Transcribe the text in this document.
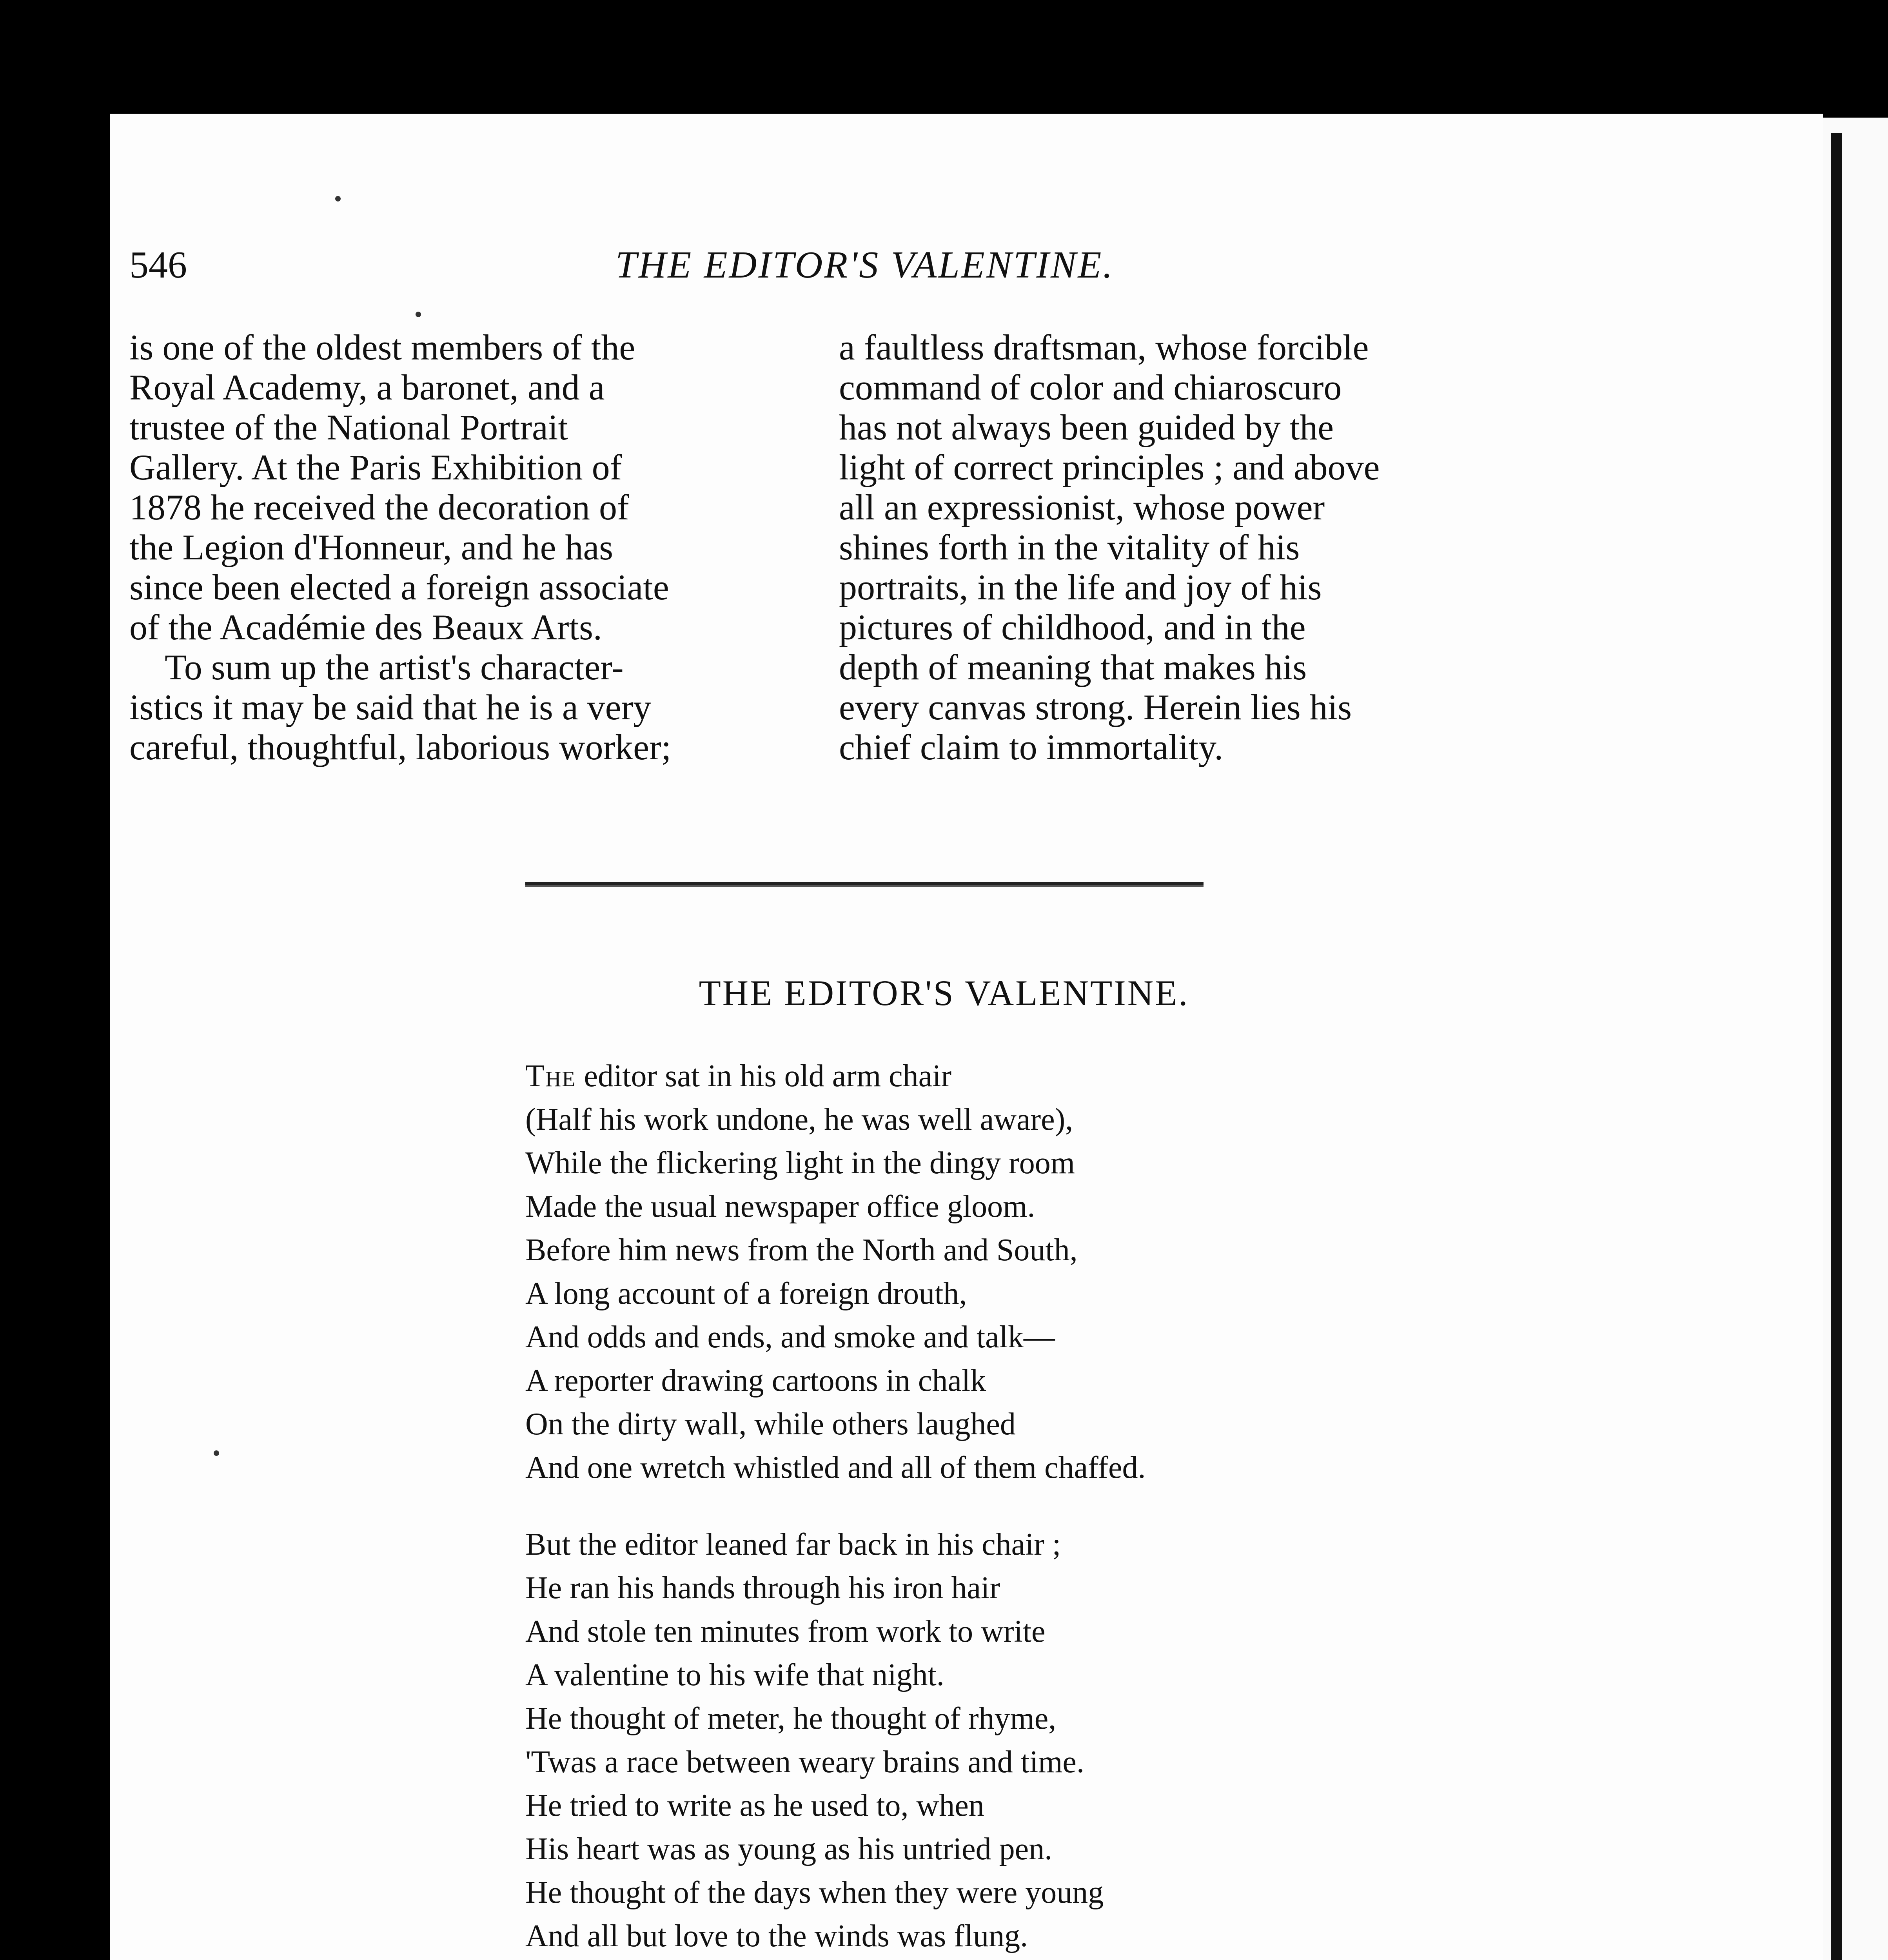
546	THE EDITOR'S VALENTINE.
is one of the oldest members of the
Royal Academy, a baronet, and a
trustee of the National Portrait
Gallery. At the Paris Exhibition of
1878 he received the decoration of
the Legion d'Honneur, and he has
since been elected a foreign associate
of the Académie des Beaux Arts.
To sum up the artist's character-
istics it may be said that he is a very
careful, thoughtful, laborious worker;
a faultless draftsman, whose forcible
command of color and chiaroscuro
has not always been guided by the
light of correct principles ; and above
all an expressionist, whose power
shines forth in the vitality of his
portraits, in the life and joy of his
pictures of childhood, and in the
depth of meaning that makes his
every canvas strong. Herein lies his
chief claim to immortality.
THE EDITOR'S VALENTINE.
The editor sat in his old arm chair
(Half his work undone, he was well aware),
While the flickering light in the dingy room
Made the usual newspaper office gloom.
Before him news from the North and South,
A long account of a foreign drouth,
And odds and ends, and smoke and talk—
A reporter drawing cartoons in chalk
On the dirty wall, while others laughed
And one wretch whistled and all of them chaffed.
But the editor leaned far back in his chair ;
He ran his hands through his iron hair
And stole ten minutes from work to write
A valentine to his wife that night.
He thought of meter, he thought of rhyme,
'Twas a race between weary brains and time.
He tried to write as he used to, when
His heart was as young as his untried pen.
He thought of the days when they were young
And all but love to the winds was flung.
